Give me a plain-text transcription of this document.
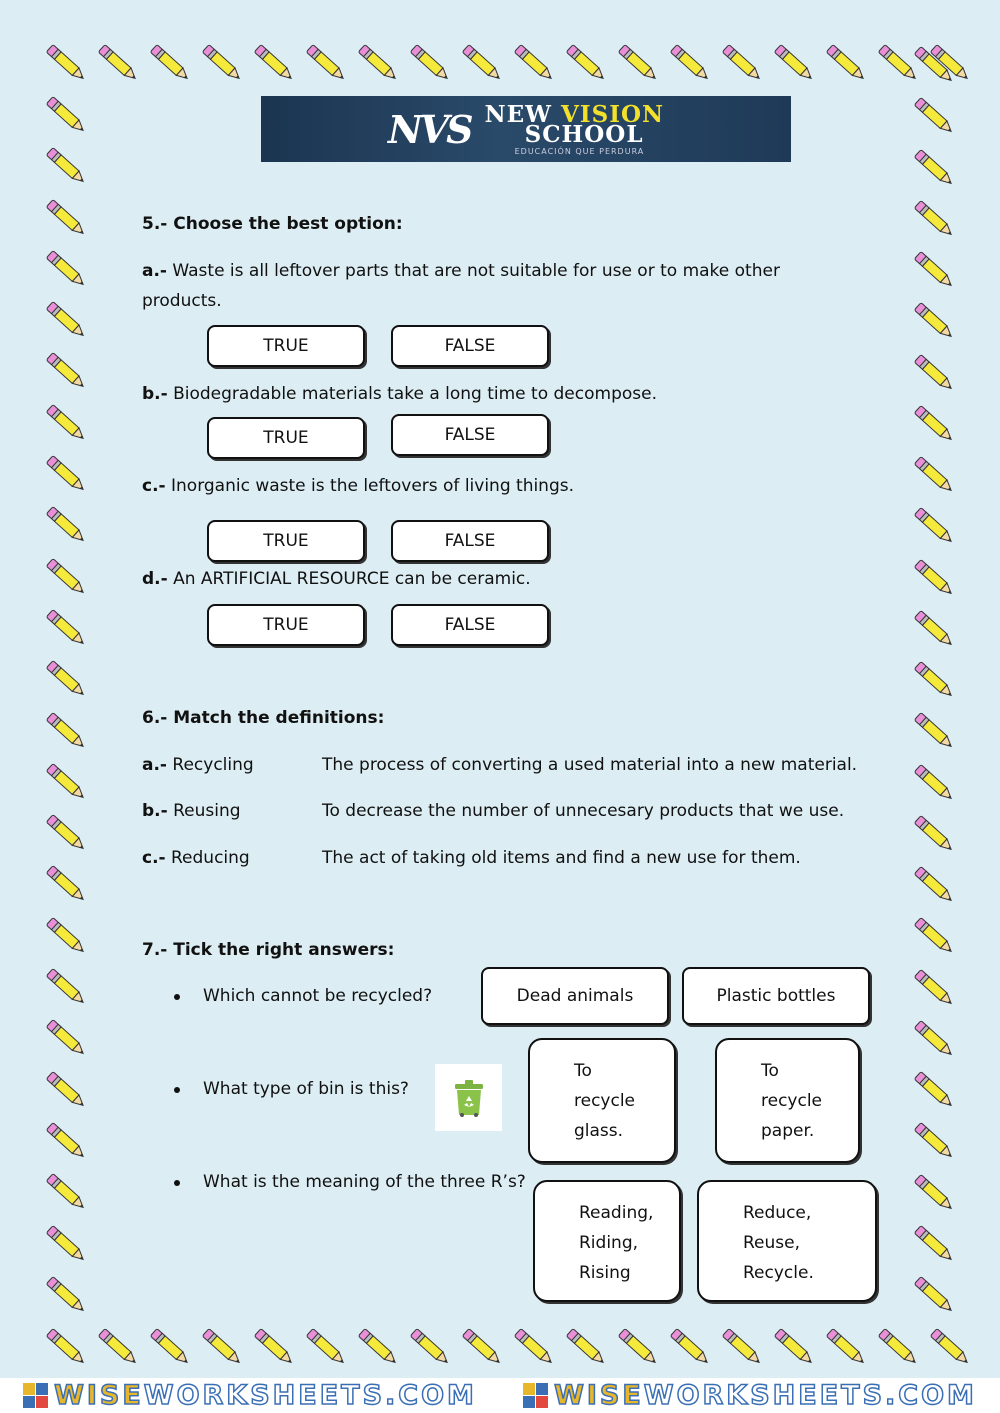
NVS NEW VISION
SCHOOL
EDUCACIÓN QUE PERDURA
5.- Choose the best option:
a.- Waste is all leftover parts that are not suitable for use or to make other
products.
TRUE	FALSE
b.- Biodegradable materials take a long time to decompose.
TRUE	FALSE
c.- Inorganic waste is the leftovers of living things.
TRUE	FALSE
d.- An ARTIFICIAL RESOURCE can be ceramic.
TRUE	FALSE
6.- Match the definitions:
a.- Recycling	The process of converting a used material into a new material.
b.- Reusing	To decrease the number of unnecesary products that we use.
c.- Reducing	The act of taking old items and find a new use for them.
7.- Tick the right answers:
Which cannot be recycled?	Dead animals	Plastic bottles
What type of bin is this?
To
recycle
glass.
To
recycle
paper.
What is the meaning of the three R’s?
Reading,
Riding,
Rising
Reduce,
Reuse,
Recycle.
WISE WORKSHEETS.COM	WISE WORKSHEETS.COM
